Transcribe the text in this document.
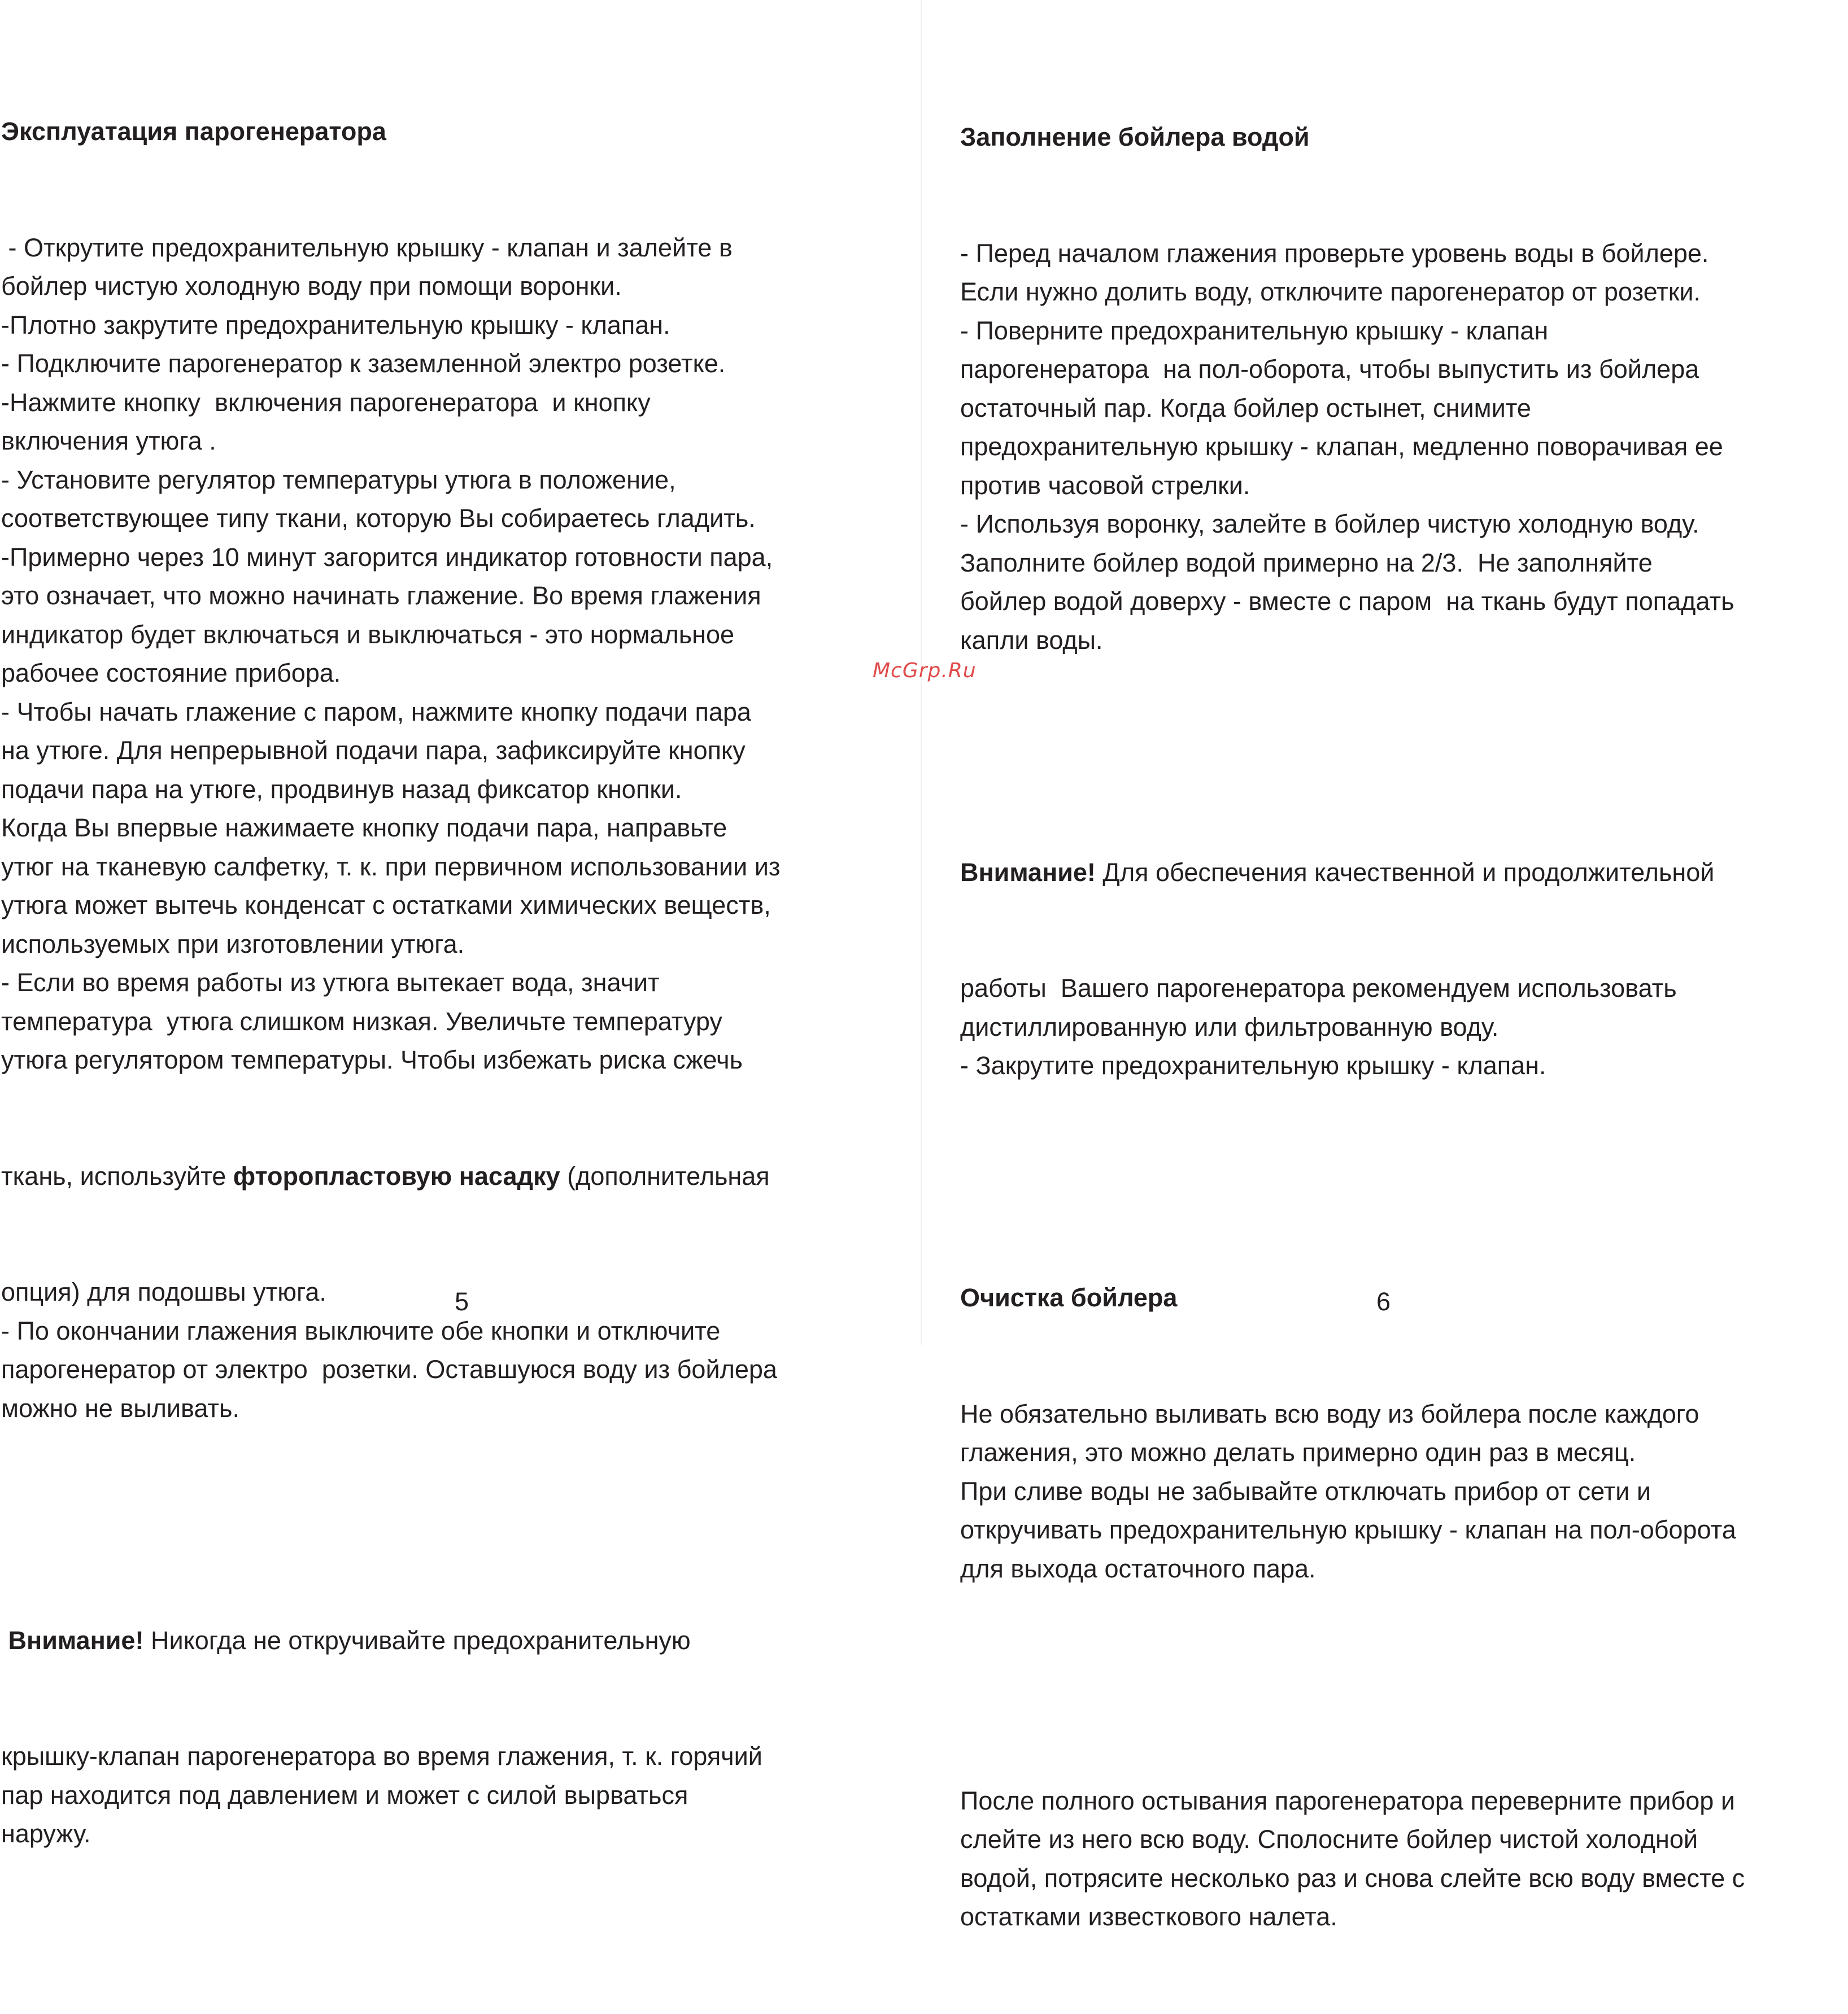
Эксплуатация парогенератора

- Открутите предохранительную крышку - клапан и залейте в

бойлер чистую холодную воду при помощи воронки.

-Плотно закрутите предохранительную крышку - клапан.

- Подключите парогенератор к заземленной электро розетке.

-Нажмите кнопку  включения парогенератора  и кнопку

включения утюга .

- Установите регулятор температуры утюга в положение,

соответствующее типу ткани, которую Вы собираетесь гладить.

-Примерно через 10 минут загорится индикатор готовности пара,

это означает, что можно начинать глажение. Во время глажения

индикатор будет включаться и выключаться - это нормальное

рабочее состояние прибора.

- Чтобы начать глажение с паром, нажмите кнопку подачи пара

на утюге. Для непрерывной подачи пара, зафиксируйте кнопку

подачи пара на утюге, продвинув назад фиксатор кнопки.

Когда Вы впервые нажимаете кнопку подачи пара, направьте

утюг на тканевую салфетку, т. к. при первичном использовании из

утюга может вытечь конденсат с остатками химических веществ,

используемых при изготовлении утюга.

- Если во время работы из утюга вытекает вода, значит

температура  утюга слишком низкая. Увеличьте температуру

утюга регулятором температуры. Чтобы избежать риска сжечь

ткань, используйте фторопластовую насадку (дополнительная

опция) для подошвы утюга.

- По окончании глажения выключите обе кнопки и отключите

парогенератор от электро  розетки. Оставшуюся воду из бойлера

можно не выливать.

Внимание! Никогда не откручивайте предохранительную

крышку-клапан парогенератора во время глажения, т. к. горячий

пар находится под давлением и может с силой вырваться

наружу.

5

Заполнение бойлера водой

- Перед началом глажения проверьте уровень воды в бойлере.

Если нужно долить воду, отключите парогенератор от розетки.

- Поверните предохранительную крышку - клапан

парогенератора  на пол-оборота, чтобы выпустить из бойлера

остаточный пар. Когда бойлер остынет, снимите

предохранительную крышку - клапан, медленно поворачивая ее

против часовой стрелки.

- Используя воронку, залейте в бойлер чистую холодную воду.

Заполните бойлер водой примерно на 2/3.  Не заполняйте

бойлер водой доверху - вместе с паром  на ткань будут попадать

капли воды.

Внимание! Для обеспечения качественной и продолжительной

работы  Вашего парогенератора рекомендуем использовать

дистиллированную или фильтрованную воду.

- Закрутите предохранительную крышку - клапан.

Очистка бойлера

Не обязательно выливать всю воду из бойлера после каждого

глажения, это можно делать примерно один раз в месяц.

При сливе воды не забывайте отключать прибор от сети и

откручивать предохранительную крышку - клапан на пол-оборота

для выхода остаточного пара.

После полного остывания парогенератора переверните прибор и

слейте из него всю воду. Сполосните бойлер чистой холодной

водой, потрясите несколько раз и снова слейте всю воду вместе с

остатками известкового налета.

6
McGrp.Ru
